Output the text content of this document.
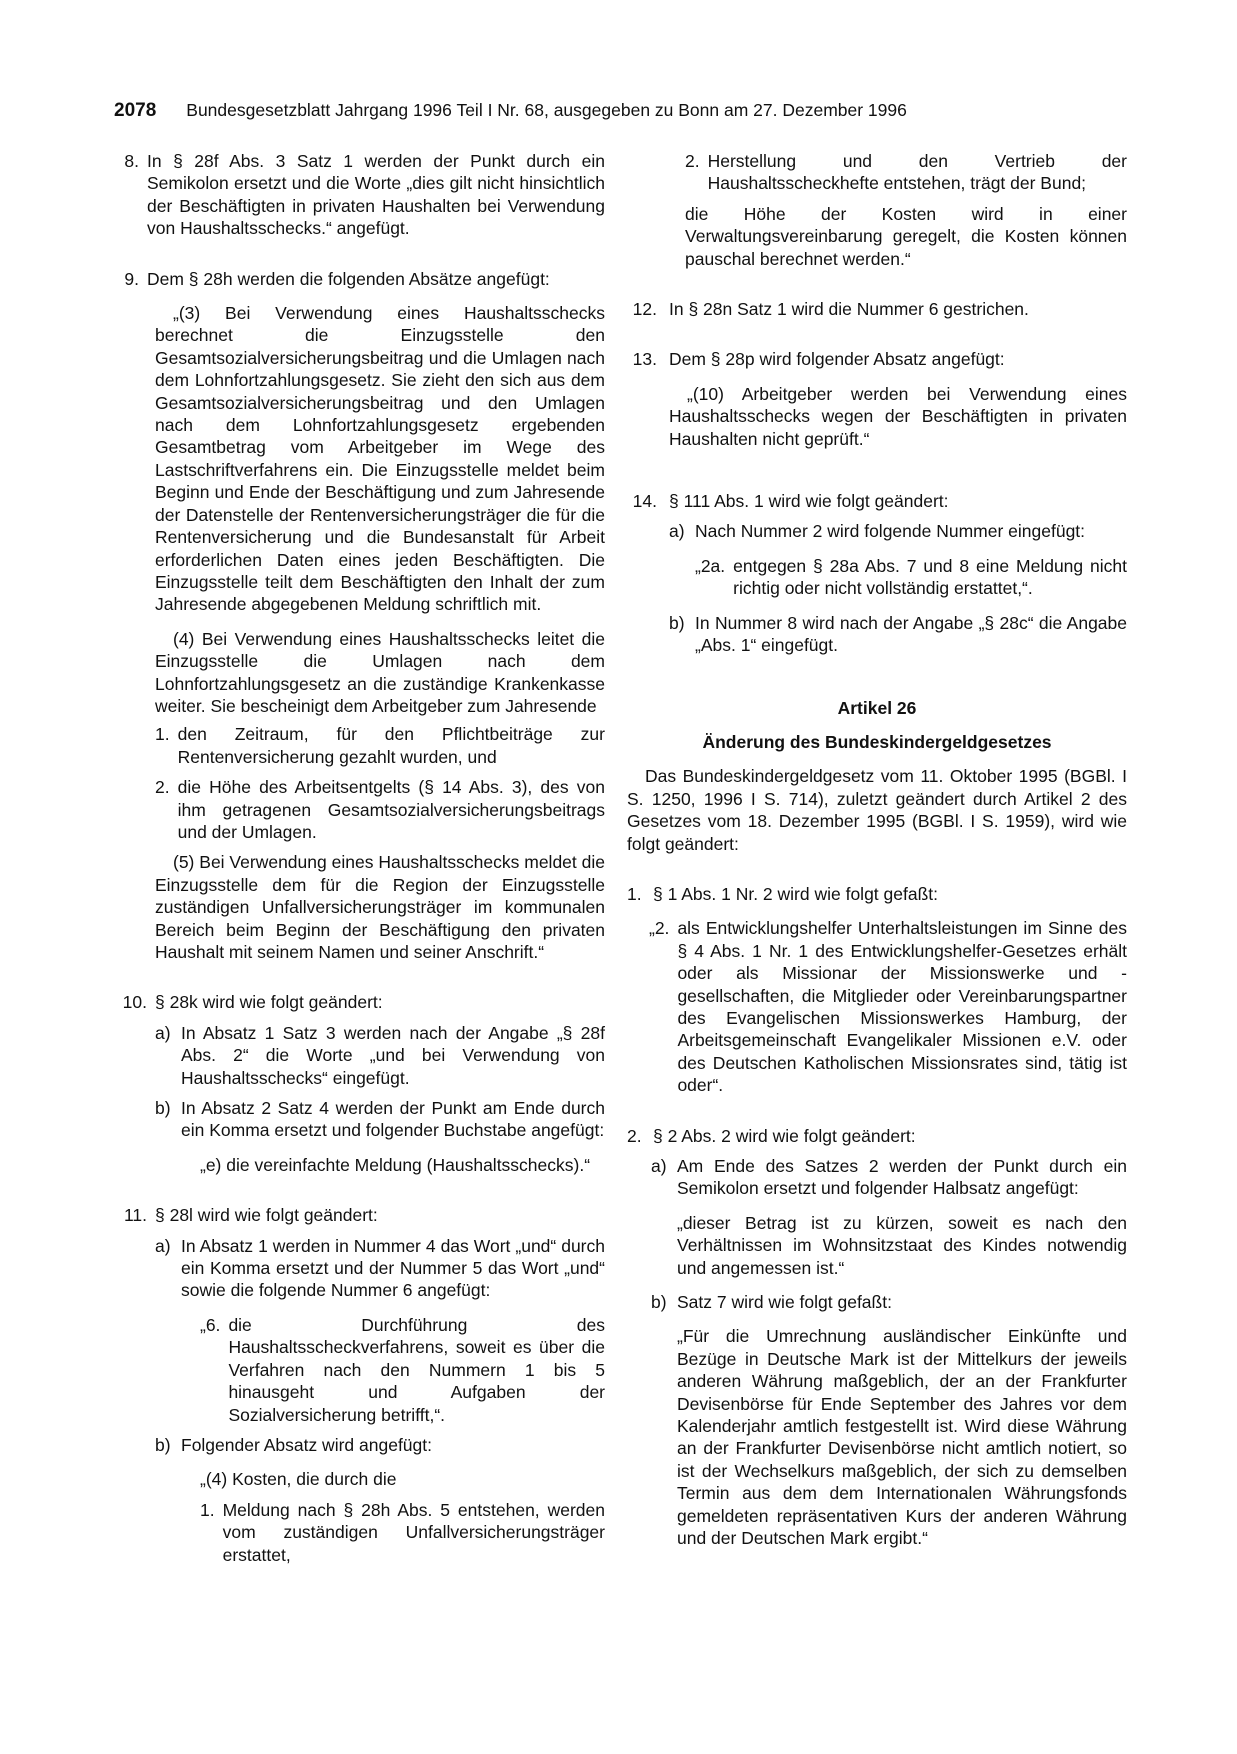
2078 Bundesgesetzblatt Jahrgang 1996 Teil I Nr. 68, ausgegeben zu Bonn am 27. Dezember 1996
8. In § 28f Abs. 3 Satz 1 werden der Punkt durch ein Semikolon ersetzt und die Worte „dies gilt nicht hinsichtlich der Beschäftigten in privaten Haushalten bei Verwendung von Haushaltsschecks.“ angefügt.
9. Dem § 28h werden die folgenden Absätze angefügt:
„(3) Bei Verwendung eines Haushaltsschecks berechnet die Einzugsstelle den Gesamtsozialversicherungsbeitrag und die Umlagen nach dem Lohnfortzahlungsgesetz. Sie zieht den sich aus dem Gesamtsozialversicherungsbeitrag und den Umlagen nach dem Lohnfortzahlungsgesetz ergebenden Gesamtbetrag vom Arbeitgeber im Wege des Lastschriftverfahrens ein. Die Einzugsstelle meldet beim Beginn und Ende der Beschäftigung und zum Jahresende der Datenstelle der Rentenversicherungsträger die für die Rentenversicherung und die Bundesanstalt für Arbeit erforderlichen Daten eines jeden Beschäftigten. Die Einzugsstelle teilt dem Beschäftigten den Inhalt der zum Jahresende abgegebenen Meldung schriftlich mit.
(4) Bei Verwendung eines Haushaltsschecks leitet die Einzugsstelle die Umlagen nach dem Lohnfortzahlungsgesetz an die zuständige Krankenkasse weiter. Sie bescheinigt dem Arbeitgeber zum Jahresende
1. den Zeitraum, für den Pflichtbeiträge zur Rentenversicherung gezahlt wurden, und
2. die Höhe des Arbeitsentgelts (§ 14 Abs. 3), des von ihm getragenen Gesamtsozialversicherungsbeitrags und der Umlagen.
(5) Bei Verwendung eines Haushaltsschecks meldet die Einzugsstelle dem für die Region der Einzugsstelle zuständigen Unfallversicherungsträger im kommunalen Bereich beim Beginn der Beschäftigung den privaten Haushalt mit seinem Namen und seiner Anschrift.“
10. § 28k wird wie folgt geändert:
a) In Absatz 1 Satz 3 werden nach der Angabe „§ 28f Abs. 2“ die Worte „und bei Verwendung von Haushaltsschecks“ eingefügt.
b) In Absatz 2 Satz 4 werden der Punkt am Ende durch ein Komma ersetzt und folgender Buchstabe angefügt:
„e) die vereinfachte Meldung (Haushaltsschecks).“
11. § 28l wird wie folgt geändert:
a) In Absatz 1 werden in Nummer 4 das Wort „und“ durch ein Komma ersetzt und der Nummer 5 das Wort „und“ sowie die folgende Nummer 6 angefügt:
„6. die Durchführung des Haushaltsscheckverfahrens, soweit es über die Verfahren nach den Nummern 1 bis 5 hinausgeht und Aufgaben der Sozialversicherung betrifft,“.
b) Folgender Absatz wird angefügt:
„(4) Kosten, die durch die
1. Meldung nach § 28h Abs. 5 entstehen, werden vom zuständigen Unfallversicherungsträger erstattet,
2. Herstellung und den Vertrieb der Haushaltsscheckhefte entstehen, trägt der Bund;
die Höhe der Kosten wird in einer Verwaltungsvereinbarung geregelt, die Kosten können pauschal berechnet werden.“
12. In § 28n Satz 1 wird die Nummer 6 gestrichen.
13. Dem § 28p wird folgender Absatz angefügt:
„(10) Arbeitgeber werden bei Verwendung eines Haushaltsschecks wegen der Beschäftigten in privaten Haushalten nicht geprüft.“
14. § 111 Abs. 1 wird wie folgt geändert:
a) Nach Nummer 2 wird folgende Nummer eingefügt:
„2a. entgegen § 28a Abs. 7 und 8 eine Meldung nicht richtig oder nicht vollständig erstattet,“.
b) In Nummer 8 wird nach der Angabe „§ 28c“ die Angabe „Abs. 1“ eingefügt.
Artikel 26
Änderung des Bundeskindergeldgesetzes
Das Bundeskindergeldgesetz vom 11. Oktober 1995 (BGBl. I S. 1250, 1996 I S. 714), zuletzt geändert durch Artikel 2 des Gesetzes vom 18. Dezember 1995 (BGBl. I S. 1959), wird wie folgt geändert:
1. § 1 Abs. 1 Nr. 2 wird wie folgt gefaßt:
„2. als Entwicklungshelfer Unterhaltsleistungen im Sinne des § 4 Abs. 1 Nr. 1 des Entwicklungshelfer-Gesetzes erhält oder als Missionar der Missionswerke und -gesellschaften, die Mitglieder oder Vereinbarungspartner des Evangelischen Missionswerkes Hamburg, der Arbeitsgemeinschaft Evangelikaler Missionen e.V. oder des Deutschen Katholischen Missionsrates sind, tätig ist oder“.
2. § 2 Abs. 2 wird wie folgt geändert:
a) Am Ende des Satzes 2 werden der Punkt durch ein Semikolon ersetzt und folgender Halbsatz angefügt:
„dieser Betrag ist zu kürzen, soweit es nach den Verhältnissen im Wohnsitzstaat des Kindes notwendig und angemessen ist.“
b) Satz 7 wird wie folgt gefaßt:
„Für die Umrechnung ausländischer Einkünfte und Bezüge in Deutsche Mark ist der Mittelkurs der jeweils anderen Währung maßgeblich, der an der Frankfurter Devisenbörse für Ende September des Jahres vor dem Kalenderjahr amtlich festgestellt ist. Wird diese Währung an der Frankfurter Devisenbörse nicht amtlich notiert, so ist der Wechselkurs maßgeblich, der sich zu demselben Termin aus dem dem Internationalen Währungsfonds gemeldeten repräsentativen Kurs der anderen Währung und der Deutschen Mark ergibt.“
